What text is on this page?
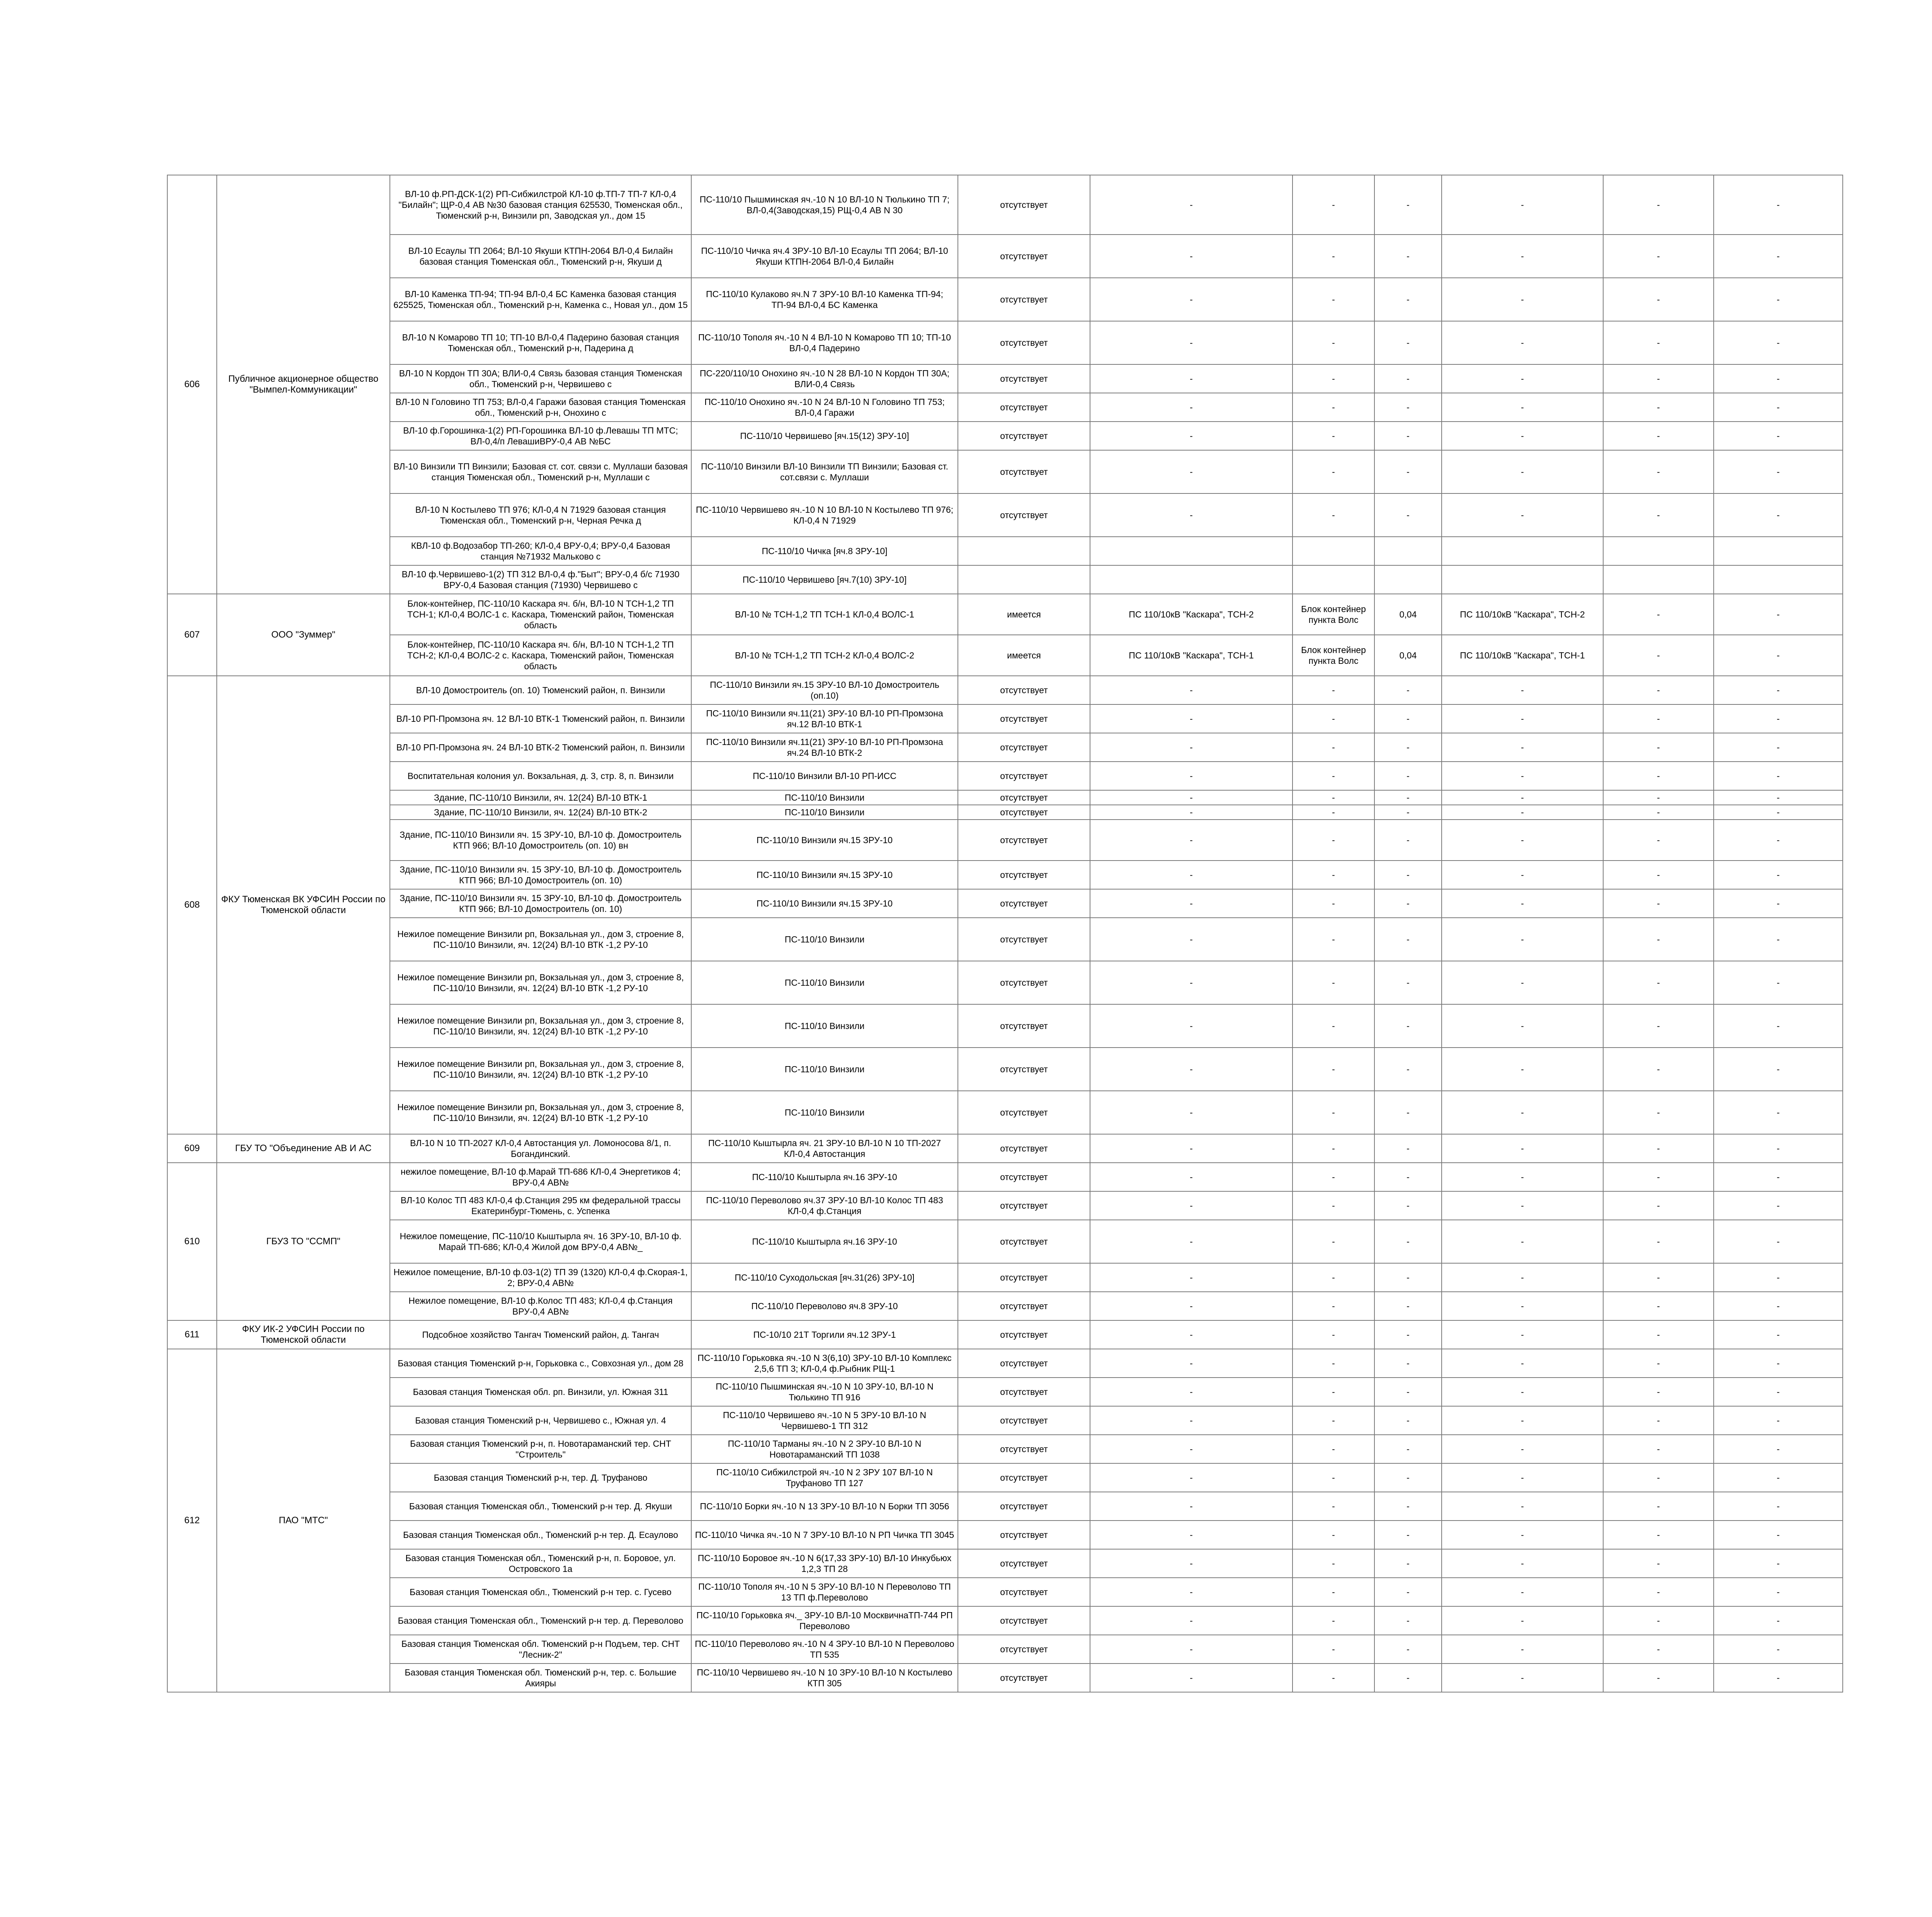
606	Публичное акционерное общество "Вымпел-Коммуникации"	ВЛ-10 ф.РП-ДСК-1(2) РП-Сибжилстрой КЛ-10 ф.ТП-7 ТП-7 КЛ-0,4 "Билайн"; ЩР-0,4 АВ №30 базовая станция 625530, Тюменская обл., Тюменский р-н, Винзили рп, Заводская ул., дом 15	ПС-110/10 Пышминская яч.-10 N 10 ВЛ-10 N Тюлькино ТП 7; ВЛ-0,4(Заводская,15) РЩ-0,4 АВ N 30	отсутствует	-	-	-	-	-	-
		ВЛ-10 Есаулы ТП 2064; ВЛ-10 Якуши КТПН-2064 ВЛ-0,4 Билайн базовая станция Тюменская обл., Тюменский р-н, Якуши д	ПС-110/10 Чичка яч.4 ЗРУ-10 ВЛ-10 Есаулы ТП 2064; ВЛ-10 Якуши КТПН-2064 ВЛ-0,4 Билайн	отсутствует	-	-	-	-	-	-
		ВЛ-10 Каменка ТП-94; ТП-94 ВЛ-0,4 БС Каменка базовая станция 625525, Тюменская обл., Тюменский р-н, Каменка с., Новая ул., дом 15	ПС-110/10 Кулаково яч.N 7 ЗРУ-10 ВЛ-10 Каменка ТП-94; ТП-94 ВЛ-0,4 БС Каменка	отсутствует	-	-	-	-	-	-
		ВЛ-10 N Комарово ТП 10; ТП-10 ВЛ-0,4 Падерино базовая станция Тюменская обл., Тюменский р-н, Падерина д	ПС-110/10 Тополя яч.-10 N 4 ВЛ-10 N Комарово ТП 10; ТП-10 ВЛ-0,4 Падерино	отсутствует	-	-	-	-	-	-
		ВЛ-10 N Кордон ТП 30А; ВЛИ-0,4 Связь базовая станция Тюменская обл., Тюменский р-н, Червишево с	ПС-220/110/10 Онохино яч.-10 N 28 ВЛ-10 N Кордон ТП 30А; ВЛИ-0,4 Связь	отсутствует	-	-	-	-	-	-
		ВЛ-10 N Головино ТП 753; ВЛ-0,4 Гаражи базовая станция Тюменская обл., Тюменский р-н, Онохино с	ПС-110/10 Онохино яч.-10 N 24 ВЛ-10 N Головино ТП 753; ВЛ-0,4 Гаражи	отсутствует	-	-	-	-	-	-
		ВЛ-10 ф.Горошинка-1(2) РП-Горошинка ВЛ-10 ф.Левашы ТП МТС; ВЛ-0,4/п ЛевашиВРУ-0,4 АВ №БС	ПС-110/10 Червишево [яч.15(12) ЗРУ-10]	отсутствует	-	-	-	-	-	-
		ВЛ-10 Винзили ТП Винзили; Базовая ст. сот. связи с. Муллаши базовая станция Тюменская обл., Тюменский р-н, Муллаши с	ПС-110/10 Винзили ВЛ-10 Винзили ТП Винзили; Базовая ст. сот.связи с. Муллаши	отсутствует	-	-	-	-	-	-
		ВЛ-10 N Костылево ТП 976; КЛ-0,4 N 71929 базовая станция Тюменская обл., Тюменский р-н, Черная Речка д	ПС-110/10 Червишево яч.-10 N 10 ВЛ-10 N Костылево ТП 976; КЛ-0,4 N 71929	отсутствует	-	-	-	-	-	-
		КВЛ-10 ф.Водозабор ТП-260; КЛ-0,4 ВРУ-0,4; ВРУ-0,4 Базовая станция №71932 Мальково с	ПС-110/10 Чичка [яч.8 ЗРУ-10]							
		ВЛ-10 ф.Червишево-1(2) ТП 312 ВЛ-0,4 ф."Быт"; ВРУ-0,4 б/с 71930 ВРУ-0,4 Базовая станция (71930) Червишево с	ПС-110/10 Червишево [яч.7(10) ЗРУ-10]							
607	ООО "Зуммер"	Блок-контейнер, ПС-110/10 Каскара яч. б/н, ВЛ-10 N ТСН-1,2 ТП ТСН-1; КЛ-0,4 ВОЛС-1 с. Каскара, Тюменский район, Тюменская область	ВЛ-10 № ТСН-1,2 ТП ТСН-1 КЛ-0,4 ВОЛС-1	имеется	ПС 110/10кВ "Каскара", ТСН-2	Блок контейнер пункта Волс	0,04	ПС 110/10кВ "Каскара", ТСН-2	-	-
		Блок-контейнер, ПС-110/10 Каскара яч. б/н, ВЛ-10 N ТСН-1,2 ТП ТСН-2; КЛ-0,4 ВОЛС-2 с. Каскара, Тюменский район, Тюменская область	ВЛ-10 № ТСН-1,2 ТП ТСН-2 КЛ-0,4 ВОЛС-2	имеется	ПС 110/10кВ "Каскара", ТСН-1	Блок контейнер пункта Волс	0,04	ПС 110/10кВ "Каскара", ТСН-1	-	-
608	ФКУ Тюменская ВК УФСИН России по Тюменской области	ВЛ-10 Домостроитель (оп. 10) Тюменский район, п. Винзили	ПС-110/10 Винзили яч.15 ЗРУ-10 ВЛ-10 Домостроитель (оп.10)	отсутствует	-	-	-	-	-	-
		ВЛ-10 РП-Промзона яч. 12 ВЛ-10 ВТК-1 Тюменский район, п. Винзили	ПС-110/10 Винзили яч.11(21) ЗРУ-10 ВЛ-10 РП-Промзона яч.12 ВЛ-10 ВТК-1	отсутствует	-	-	-	-	-	-
		ВЛ-10 РП-Промзона яч. 24 ВЛ-10 ВТК-2 Тюменский район, п. Винзили	ПС-110/10 Винзили яч.11(21) ЗРУ-10 ВЛ-10 РП-Промзона яч.24 ВЛ-10 ВТК-2	отсутствует	-	-	-	-	-	-
		Воспитательная колония ул. Вокзальная, д. 3, стр. 8, п. Винзили	ПС-110/10 Винзили ВЛ-10 РП-ИСС	отсутствует	-	-	-	-	-	-
		Здание, ПС-110/10 Винзили, яч. 12(24) ВЛ-10 ВТК-1	ПС-110/10 Винзили	отсутствует	-	-	-	-	-	-
		Здание, ПС-110/10 Винзили, яч. 12(24) ВЛ-10 ВТК-2	ПС-110/10 Винзили	отсутствует	-	-	-	-	-	-
		Здание, ПС-110/10 Винзили яч. 15 ЗРУ-10, ВЛ-10 ф. Домостроитель КТП 966; ВЛ-10 Домостроитель (оп. 10) вн	ПС-110/10 Винзили яч.15 ЗРУ-10	отсутствует	-	-	-	-	-	-
		Здание, ПС-110/10 Винзили яч. 15 ЗРУ-10, ВЛ-10 ф. Домостроитель КТП 966; ВЛ-10 Домостроитель (оп. 10)	ПС-110/10 Винзили яч.15 ЗРУ-10	отсутствует	-	-	-	-	-	-
		Здание, ПС-110/10 Винзили яч. 15 ЗРУ-10, ВЛ-10 ф. Домостроитель КТП 966; ВЛ-10 Домостроитель (оп. 10)	ПС-110/10 Винзили яч.15 ЗРУ-10	отсутствует	-	-	-	-	-	-
		Нежилое помещение Винзили рп, Вокзальная ул., дом 3, строение 8, ПС-110/10 Винзили, яч. 12(24) ВЛ-10 ВТК -1,2 РУ-10	ПС-110/10 Винзили	отсутствует	-	-	-	-	-	-
		Нежилое помещение Винзили рп, Вокзальная ул., дом 3, строение 8, ПС-110/10 Винзили, яч. 12(24) ВЛ-10 ВТК -1,2 РУ-10	ПС-110/10 Винзили	отсутствует	-	-	-	-	-	-
		Нежилое помещение Винзили рп, Вокзальная ул., дом 3, строение 8, ПС-110/10 Винзили, яч. 12(24) ВЛ-10 ВТК -1,2 РУ-10	ПС-110/10 Винзили	отсутствует	-	-	-	-	-	-
		Нежилое помещение Винзили рп, Вокзальная ул., дом 3, строение 8, ПС-110/10 Винзили, яч. 12(24) ВЛ-10 ВТК -1,2 РУ-10	ПС-110/10 Винзили	отсутствует	-	-	-	-	-	-
		Нежилое помещение Винзили рп, Вокзальная ул., дом 3, строение 8, ПС-110/10 Винзили, яч. 12(24) ВЛ-10 ВТК -1,2 РУ-10	ПС-110/10 Винзили	отсутствует	-	-	-	-	-	-
609	ГБУ ТО "Объединение АВ И АС	ВЛ-10 N 10 ТП-2027 КЛ-0,4 Автостанция ул. Ломоносова 8/1, п. Богандинский.	ПС-110/10 Кыштырла яч. 21 ЗРУ-10 ВЛ-10 N 10 ТП-2027 КЛ-0,4 Автостанция	отсутствует	-	-	-	-	-	-
610	ГБУЗ ТО "ССМП"	нежилое помещение, ВЛ-10 ф.Марай ТП-686 КЛ-0,4 Энергетиков 4; ВРУ-0,4 АВ№	ПС-110/10 Кыштырла яч.16 ЗРУ-10	отсутствует	-	-	-	-	-	-
		ВЛ-10 Колос ТП 483 КЛ-0,4 ф.Станция 295 км федеральной трассы Екатеринбург-Тюмень, с. Успенка	ПС-110/10 Переволово яч.37 ЗРУ-10 ВЛ-10 Колос ТП 483 КЛ-0,4 ф.Станция	отсутствует	-	-	-	-	-	-
		Нежилое помещение, ПС-110/10 Кыштырла яч. 16 ЗРУ-10, ВЛ-10 ф. Марай ТП-686; КЛ-0,4 Жилой дом ВРУ-0,4 АВ№_	ПС-110/10 Кыштырла яч.16 ЗРУ-10	отсутствует	-	-	-	-	-	-
		Нежилое помещение, ВЛ-10 ф.03-1(2) ТП 39 (1320) КЛ-0,4 ф.Скорая-1, 2; ВРУ-0,4 АВ№	ПС-110/10 Суходольская [яч.31(26) ЗРУ-10]	отсутствует	-	-	-	-	-	-
		Нежилое помещение, ВЛ-10 ф.Колос ТП 483; КЛ-0,4 ф.Станция ВРУ-0,4 АВ№	ПС-110/10 Переволово яч.8 ЗРУ-10	отсутствует	-	-	-	-	-	-
611	ФКУ ИК-2 УФСИН России по Тюменской области	Подсобное хозяйство Тангач Тюменский район, д. Тангач	ПС-10/10 21Т Торгили яч.12 ЗРУ-1	отсутствует	-	-	-	-	-	-
612	ПАО "МТС"	Базовая станция Тюменский р-н, Горьковка с., Совхозная ул., дом 28	ПС-110/10 Горьковка яч.-10 N 3(6,10) ЗРУ-10 ВЛ-10 Комплекс 2,5,6 ТП 3; КЛ-0,4 ф.Рыбник РЩ-1	отсутствует	-	-	-	-	-	-
		Базовая станция Тюменская обл. рп. Винзили, ул. Южная 311	ПС-110/10 Пышминская яч.-10 N 10 ЗРУ-10, ВЛ-10 N Тюлькино ТП 916	отсутствует	-	-	-	-	-	-
		Базовая станция Тюменский р-н, Червишево с., Южная ул. 4	ПС-110/10 Червишево яч.-10 N 5 ЗРУ-10 ВЛ-10 N Червишево-1 ТП 312	отсутствует	-	-	-	-	-	-
		Базовая станция Тюменский р-н, п. Новотараманский тер. СНТ "Строитель"	ПС-110/10 Тарманы яч.-10 N 2 ЗРУ-10 ВЛ-10 N Новотараманский ТП 1038	отсутствует	-	-	-	-	-	-
		Базовая станция Тюменский р-н, тер. Д. Труфаново	ПС-110/10 Сибжилстрой яч.-10 N 2 ЗРУ 107 ВЛ-10 N Труфаново ТП 127	отсутствует	-	-	-	-	-	-
		Базовая станция Тюменская обл., Тюменский р-н тер. Д. Якуши	ПС-110/10 Борки яч.-10 N 13 ЗРУ-10 ВЛ-10 N Борки ТП 3056	отсутствует	-	-	-	-	-	-
		Базовая станция Тюменская обл., Тюменский р-н тер. Д. Есаулово	ПС-110/10 Чичка яч.-10 N 7 ЗРУ-10 ВЛ-10 N РП Чичка ТП 3045	отсутствует	-	-	-	-	-	-
		Базовая станция Тюменская обл., Тюменский р-н, п. Боровое, ул. Островского 1а	ПС-110/10 Боровое яч.-10 N 6(17,33 ЗРУ-10) ВЛ-10 Инкубьюх 1,2,3 ТП 28	отсутствует	-	-	-	-	-	-
		Базовая станция Тюменская обл., Тюменский р-н тер. с. Гусево	ПС-110/10 Тополя яч.-10 N 5 ЗРУ-10 ВЛ-10 N Переволово ТП 13 ТП ф.Переволово	отсутствует	-	-	-	-	-	-
		Базовая станция Тюменская обл., Тюменский р-н тер. д. Переволово	ПС-110/10 Горьковка яч._ ЗРУ-10 ВЛ-10 МосквичнаТП-744 РП Переволово	отсутствует	-	-	-	-	-	-
		Базовая станция Тюменская обл. Тюменский р-н Подъем, тер. СНТ "Лесник-2"	ПС-110/10 Переволово яч.-10 N 4 ЗРУ-10 ВЛ-10 N Переволово ТП 535	отсутствует	-	-	-	-	-	-
		Базовая станция Тюменская обл. Тюменский р-н, тер. с. Большие Акияры	ПС-110/10 Червишево яч.-10 N 10 ЗРУ-10 ВЛ-10 N Костылево КТП 305	отсутствует	-	-	-	-	-	-
